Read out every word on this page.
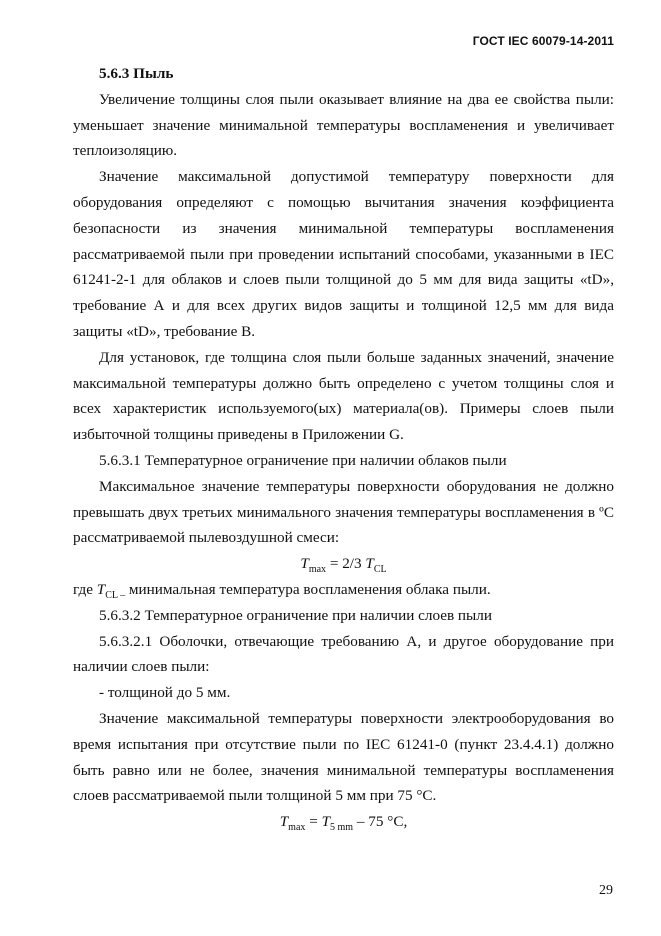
ГОСТ IEC 60079-14-2011

5.6.3 Пыль

Увеличение толщины слоя пыли оказывает влияние на два ее свойства пыли: уменьшает значение минимальной температуры воспламенения и увеличивает теплоизоляцию.

Значение максимальной допустимой температуру поверхности для оборудования определяют с помощью вычитания значения коэффициента безопасности из значения минимальной температуры воспламенения рассматриваемой пыли при проведении испытаний способами, указанными в IEC 61241-2-1 для облаков и слоев пыли толщиной до 5 мм для вида защиты «tD», требование А и для всех других видов защиты и толщиной 12,5 мм для вида защиты «tD», требование В.

Для установок, где толщина слоя пыли больше заданных значений, значение максимальной температуры должно быть определено с учетом толщины слоя и всех характеристик используемого(ых) материала(ов). Примеры слоев пыли избыточной толщины приведены в Приложении G.

5.6.3.1 Температурное ограничение при наличии облаков пыли

Максимальное значение температуры поверхности оборудования не должно превышать двух третьих минимального значения температуры воспламенения в ºС рассматриваемой пылевоздушной смеси:

$T_{max} = 2/3$ $T_{CL}$

где $T_{CL -}$ минимальная температура воспламенения облака пыли.

5.6.3.2 Температурное ограничение при наличии слоев пыли

5.6.3.2.1 Оболочки, отвечающие требованию А, и другое оборудование при наличии слоев пыли:

- толщиной до 5 мм.

Значение максимальной температуры поверхности электрооборудования во время испытания при отсутствие пыли по IEC 61241-0 (пункт 23.4.4.1) должно быть равно или не более, значения минимальной температуры воспламенения слоев рассматриваемой пыли толщиной 5 мм при 75 °С.

$T_{max} = T_{5 mm} - 75$ °С,

29
